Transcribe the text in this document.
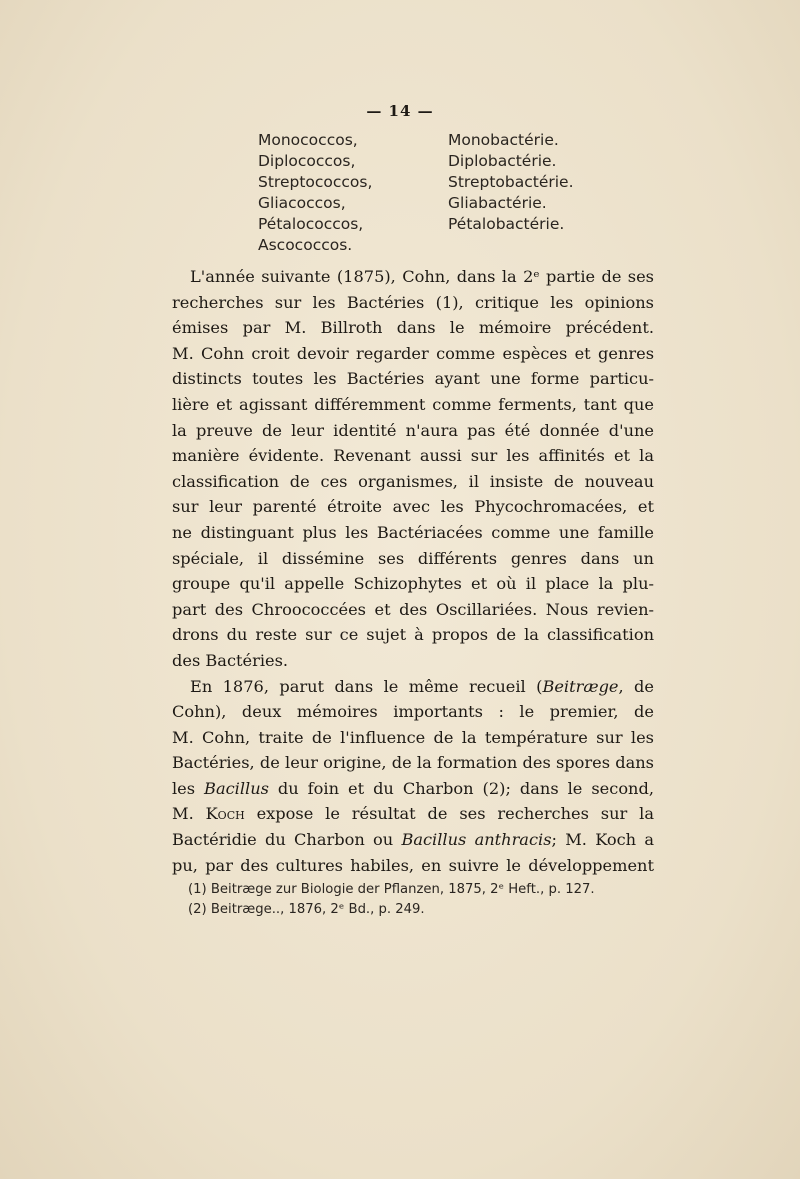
— 14 —
Monococcos,
Diplococcos,
Streptococcos,
Gliacoccos,
Pétalococcos,
Ascococcos.
Monobactérie.
Diplobactérie.
Streptobactérie.
Gliabactérie.
Pétalobactérie.
L'année suivante (1875), Cohn, dans la 2ᵉ partie de ses
recherches sur les Bactéries (1), critique les opinions
émises par M. Billroth dans le mémoire précédent.
M. Cohn croit devoir regarder comme espèces et genres
distincts toutes les Bactéries ayant une forme particu-
lière et agissant différemment comme ferments, tant que
la preuve de leur identité n'aura pas été donnée d'une
manière évidente. Revenant aussi sur les affinités et la
classification de ces organismes, il insiste de nouveau
sur leur parenté étroite avec les Phycochromacées, et
ne distinguant plus les Bactériacées comme une famille
spéciale, il dissémine ses différents genres dans un
groupe qu'il appelle Schizophytes et où il place la plu-
part des Chroococcées et des Oscillariées. Nous revien-
drons du reste sur ce sujet à propos de la classification
des Bactéries.
En 1876, parut dans le même recueil (Beitræge, de
Cohn), deux mémoires importants : le premier, de
M. Cohn, traite de l'influence de la température sur les
Bactéries, de leur origine, de la formation des spores dans
les Bacillus du foin et du Charbon (2); dans le second,
M. Koch expose le résultat de ses recherches sur la
Bactéridie du Charbon ou Bacillus anthracis; M. Koch a
pu, par des cultures habiles, en suivre le développement
(1) Beitræge zur Biologie der Pflanzen, 1875, 2ᵉ Heft., p. 127.
(2) Beitræge.., 1876, 2ᵉ Bd., p. 249.
